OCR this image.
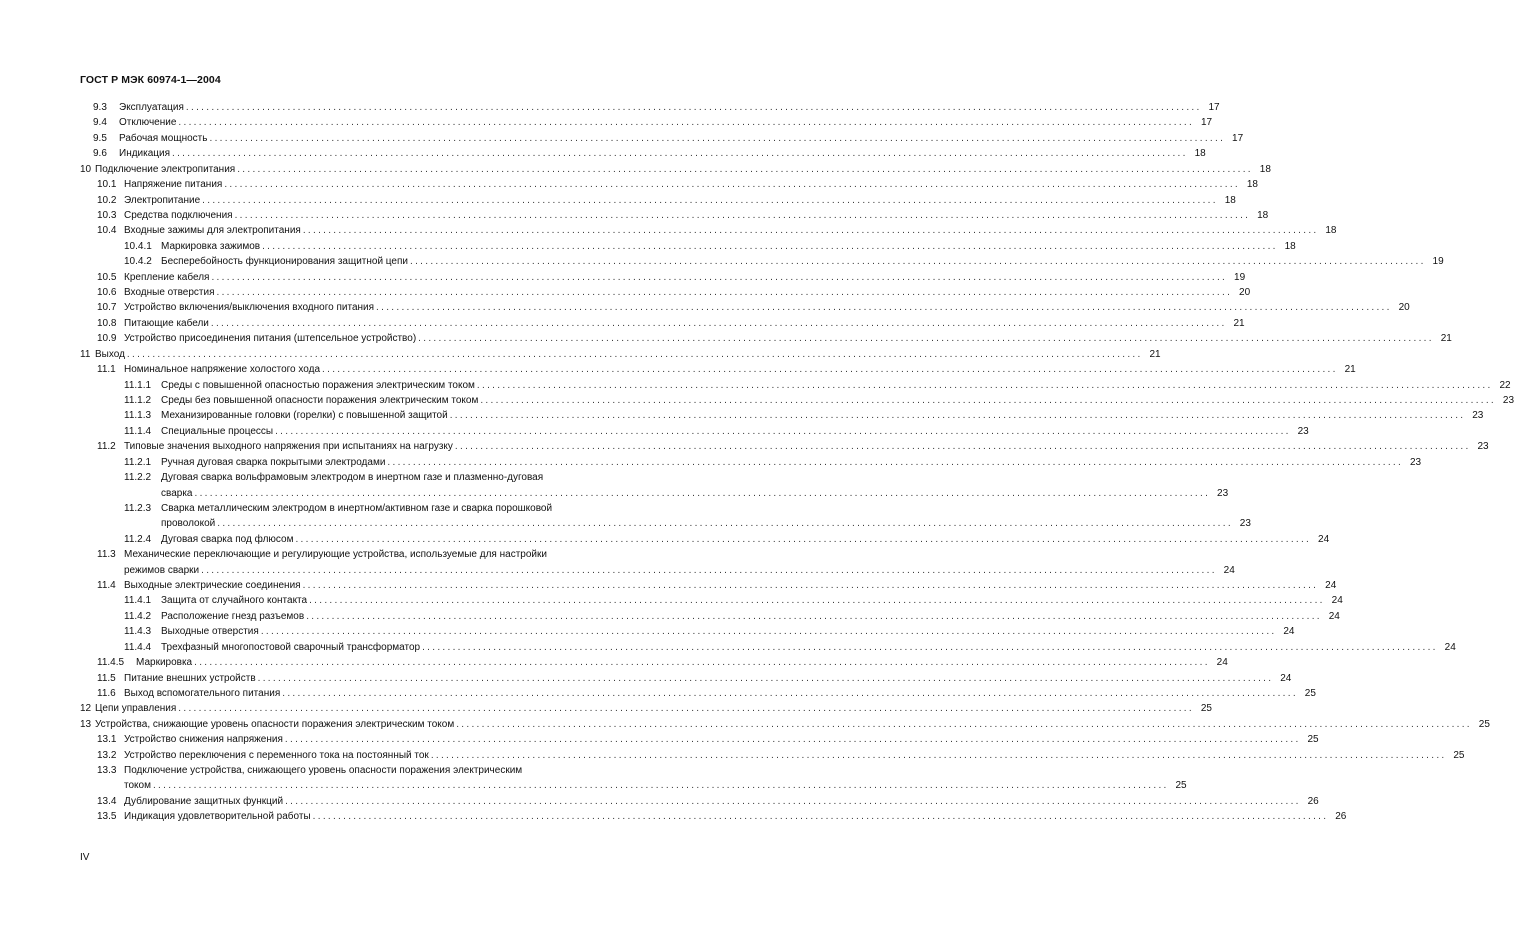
ГОСТ Р МЭК 60974-1—2004
9.3 Эксплуатация ........................................................................................................................................................................................................ 17
9.4 Отключение ........................................................................................................................................................................................................ 17
9.5 Рабочая мощность ........................................................................................................................................................................................................ 17
9.6 Индикация ........................................................................................................................................................................................................ 18
10 Подключение электропитания ........................................................................................................................................................................................................ 18
10.1 Напряжение питания ........................................................................................................................................................................................................ 18
10.2 Электропитание ........................................................................................................................................................................................................ 18
10.3 Средства подключения ........................................................................................................................................................................................................ 18
10.4 Входные зажимы для электропитания ........................................................................................................................................................................................................ 18
10.4.1 Маркировка зажимов ........................................................................................................................................................................................................ 18
10.4.2 Бесперебойность функционирования защитной цепи ........................................................................................................................................................................................................ 19
10.5 Крепление кабеля ........................................................................................................................................................................................................ 19
10.6 Входные отверстия ........................................................................................................................................................................................................ 20
10.7 Устройство включения/выключения входного питания ........................................................................................................................................................................................................ 20
10.8 Питающие кабели ........................................................................................................................................................................................................ 21
10.9 Устройство присоединения питания (штепсельное устройство) ........................................................................................................................................................................................................ 21
11 Выход ........................................................................................................................................................................................................ 21
11.1 Номинальное напряжение холостого хода ........................................................................................................................................................................................................ 21
11.1.1 Среды с повышенной опасностью поражения электрическим током ........................................................................................................................................................................................................ 22
11.1.2 Среды без повышенной опасности поражения электрическим током ........................................................................................................................................................................................................ 23
11.1.3 Механизированные головки (горелки) с повышенной защитой ........................................................................................................................................................................................................ 23
11.1.4 Специальные процессы ........................................................................................................................................................................................................ 23
11.2 Типовые значения выходного напряжения при испытаниях на нагрузку ........................................................................................................................................................................................................ 23
11.2.1 Ручная дуговая сварка покрытыми электродами ........................................................................................................................................................................................................ 23
11.2.2 Дуговая сварка вольфрамовым электродом в инертном газе и плазменно-дуговая
сварка ........................................................................................................................................................................................................ 23
11.2.3 Сварка металлическим электродом в инертном/активном газе и сварка порошковой
проволокой ........................................................................................................................................................................................................ 23
11.2.4 Дуговая сварка под флюсом ........................................................................................................................................................................................................ 24
11.3 Механические переключающие и регулирующие устройства, используемые для настройки
режимов сварки ........................................................................................................................................................................................................ 24
11.4 Выходные электрические соединения ........................................................................................................................................................................................................ 24
11.4.1 Защита от случайного контакта ........................................................................................................................................................................................................ 24
11.4.2 Расположение гнезд разъемов ........................................................................................................................................................................................................ 24
11.4.3 Выходные отверстия ........................................................................................................................................................................................................ 24
11.4.4 Трехфазный многопостовой сварочный трансформатор ........................................................................................................................................................................................................ 24
11.4.5 Маркировка ........................................................................................................................................................................................................ 24
11.5 Питание внешних устройств ........................................................................................................................................................................................................ 24
11.6 Выход вспомогательного питания ........................................................................................................................................................................................................ 25
12 Цепи управления ........................................................................................................................................................................................................ 25
13 Устройства, снижающие уровень опасности поражения электрическим током ........................................................................................................................................................................................................ 25
13.1 Устройство снижения напряжения ........................................................................................................................................................................................................ 25
13.2 Устройство переключения с переменного тока на постоянный ток ........................................................................................................................................................................................................ 25
13.3 Подключение устройства, снижающего уровень опасности поражения электрическим
током ........................................................................................................................................................................................................ 25
13.4 Дублирование защитных функций ........................................................................................................................................................................................................ 26
13.5 Индикация удовлетворительной работы ........................................................................................................................................................................................................ 26
IV
